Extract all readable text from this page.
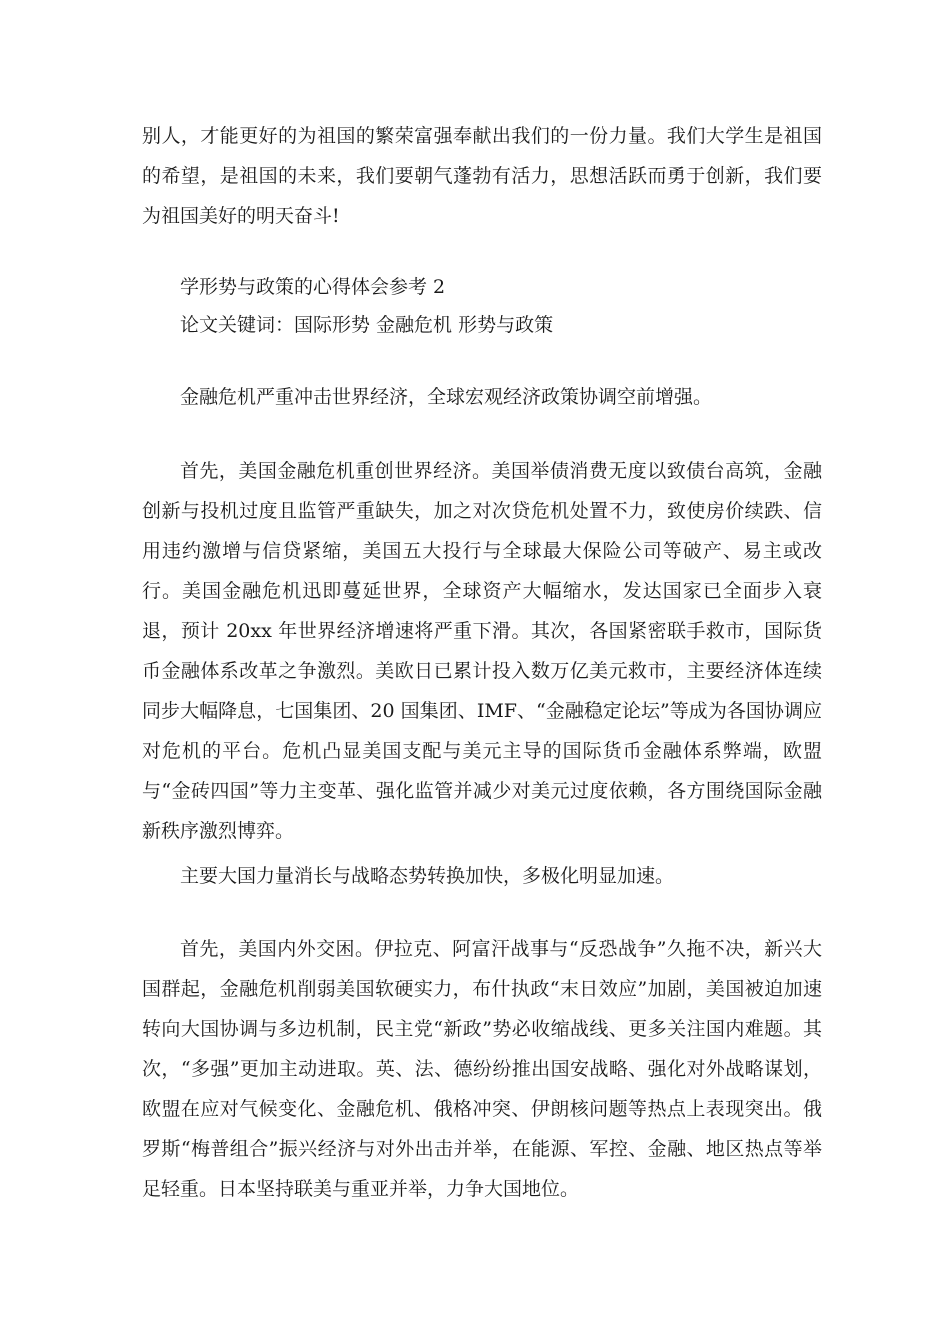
别人，才能更好的为祖国的繁荣富强奉献出我们的一份力量。我们大学生是祖国的希望，是祖国的未来，我们要朝气蓬勃有活力，思想活跃而勇于创新，我们要为祖国美好的明天奋斗!

学形势与政策的心得体会参考 2

论文关键词：国际形势 金融危机 形势与政策

金融危机严重冲击世界经济，全球宏观经济政策协调空前增强。

首先，美国金融危机重创世界经济。美国举债消费无度以致债台高筑，金融创新与投机过度且监管严重缺失，加之对次贷危机处置不力，致使房价续跌、信用违约激增与信贷紧缩，美国五大投行与全球最大保险公司等破产、易主或改行。美国金融危机迅即蔓延世界，全球资产大幅缩水，发达国家已全面步入衰退，预计 20xx 年世界经济增速将严重下滑。其次，各国紧密联手救市，国际货币金融体系改革之争激烈。美欧日已累计投入数万亿美元救市，主要经济体连续同步大幅降息，七国集团、20 国集团、IMF、“金融稳定论坛”等成为各国协调应对危机的平台。危机凸显美国支配与美元主导的国际货币金融体系弊端，欧盟与“金砖四国”等力主变革、强化监管并减少对美元过度依赖，各方围绕国际金融新秩序激烈博弈。

主要大国力量消长与战略态势转换加快，多极化明显加速。

首先，美国内外交困。伊拉克、阿富汗战事与“反恐战争”久拖不决，新兴大国群起，金融危机削弱美国软硬实力，布什执政“末日效应”加剧，美国被迫加速转向大国协调与多边机制，民主党“新政”势必收缩战线、更多关注国内难题。其次，“多强”更加主动进取。英、法、德纷纷推出国安战略、强化对外战略谋划，欧盟在应对气候变化、金融危机、俄格冲突、伊朗核问题等热点上表现突出。俄罗斯“梅普组合”振兴经济与对外出击并举，在能源、军控、金融、地区热点等举足轻重。日本坚持联美与重亚并举，力争大国地位。
